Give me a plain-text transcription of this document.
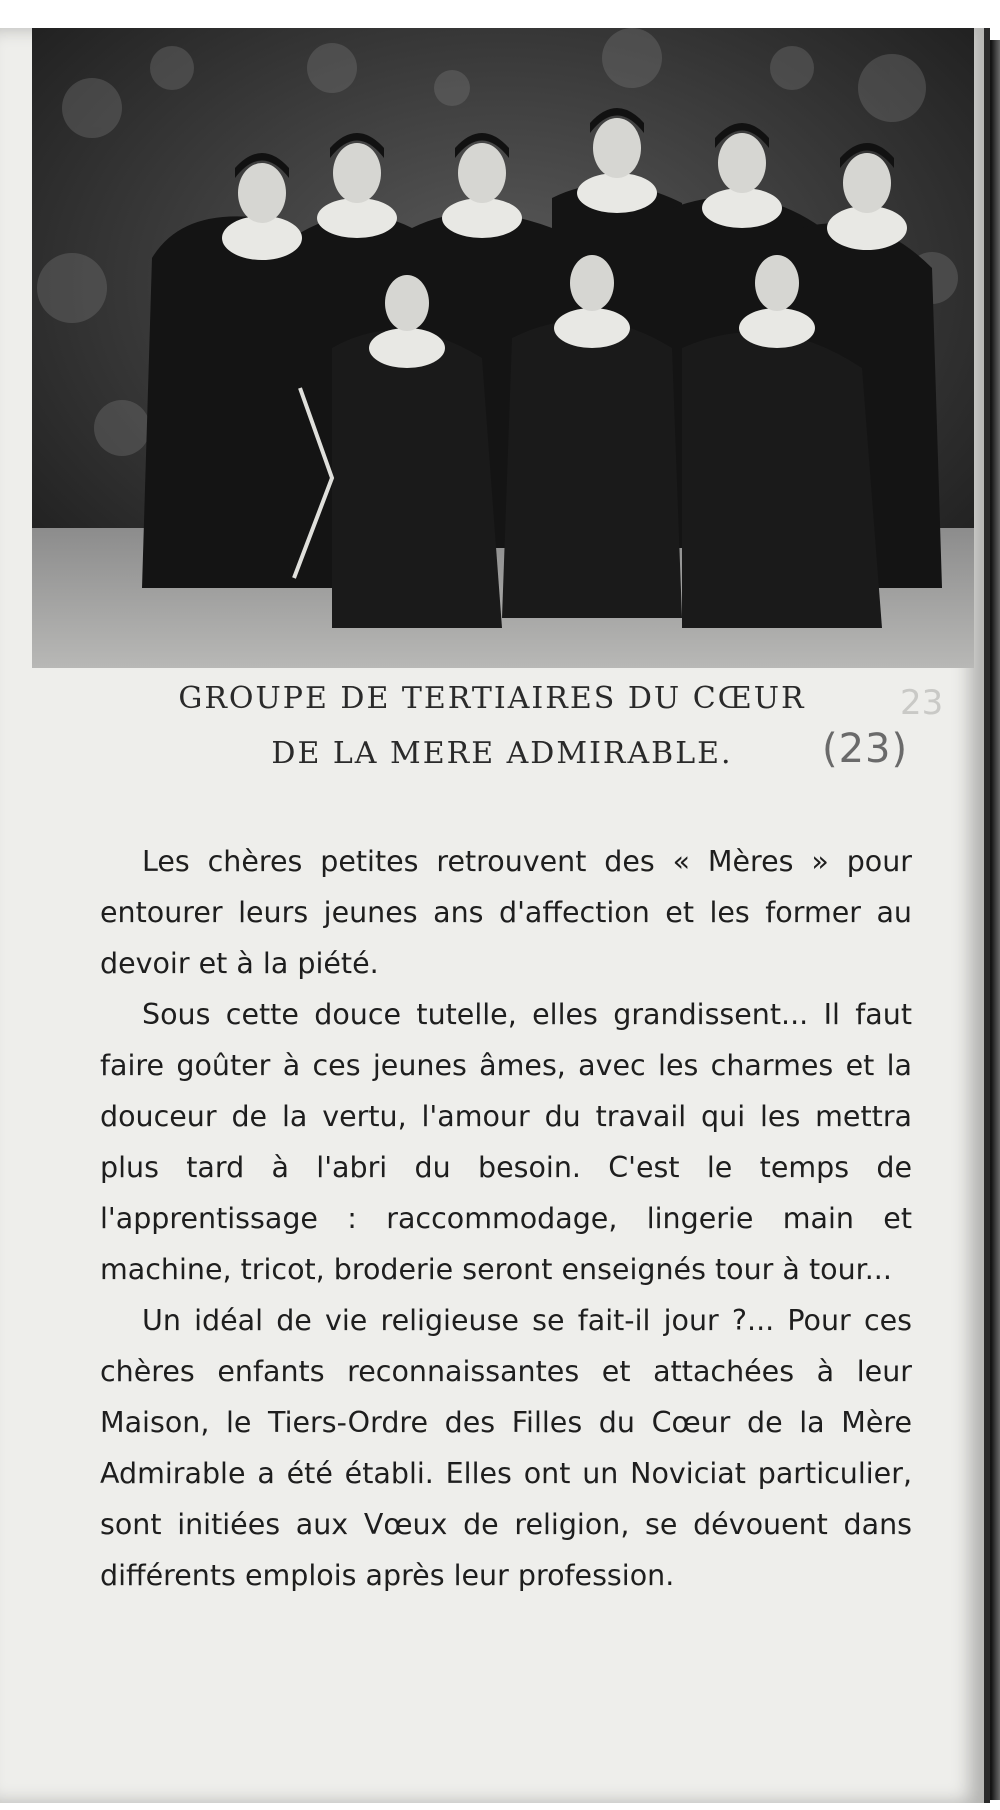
GROUPE DE TERTIAIRES DU CŒUR
DE LA MERE ADMIRABLE.
23
(23)

Les chères petites retrouvent des « Mères » pour entourer leurs jeunes ans d'affection et les former au devoir et à la piété.

Sous cette douce tutelle, elles grandissent... Il faut faire goûter à ces jeunes âmes, avec les charmes et la douceur de la vertu, l'amour du travail qui les mettra plus tard à l'abri du besoin. C'est le temps de l'apprentissage : raccommodage, lingerie main et machine, tricot, broderie seront enseignés tour à tour...

Un idéal de vie religieuse se fait-il jour ?... Pour ces chères enfants reconnaissantes et attachées à leur Maison, le Tiers-Ordre des Filles du Cœur de la Mère Admirable a été établi. Elles ont un Noviciat particulier, sont initiées aux Vœux de religion, se dévouent dans différents emplois après leur profession.
